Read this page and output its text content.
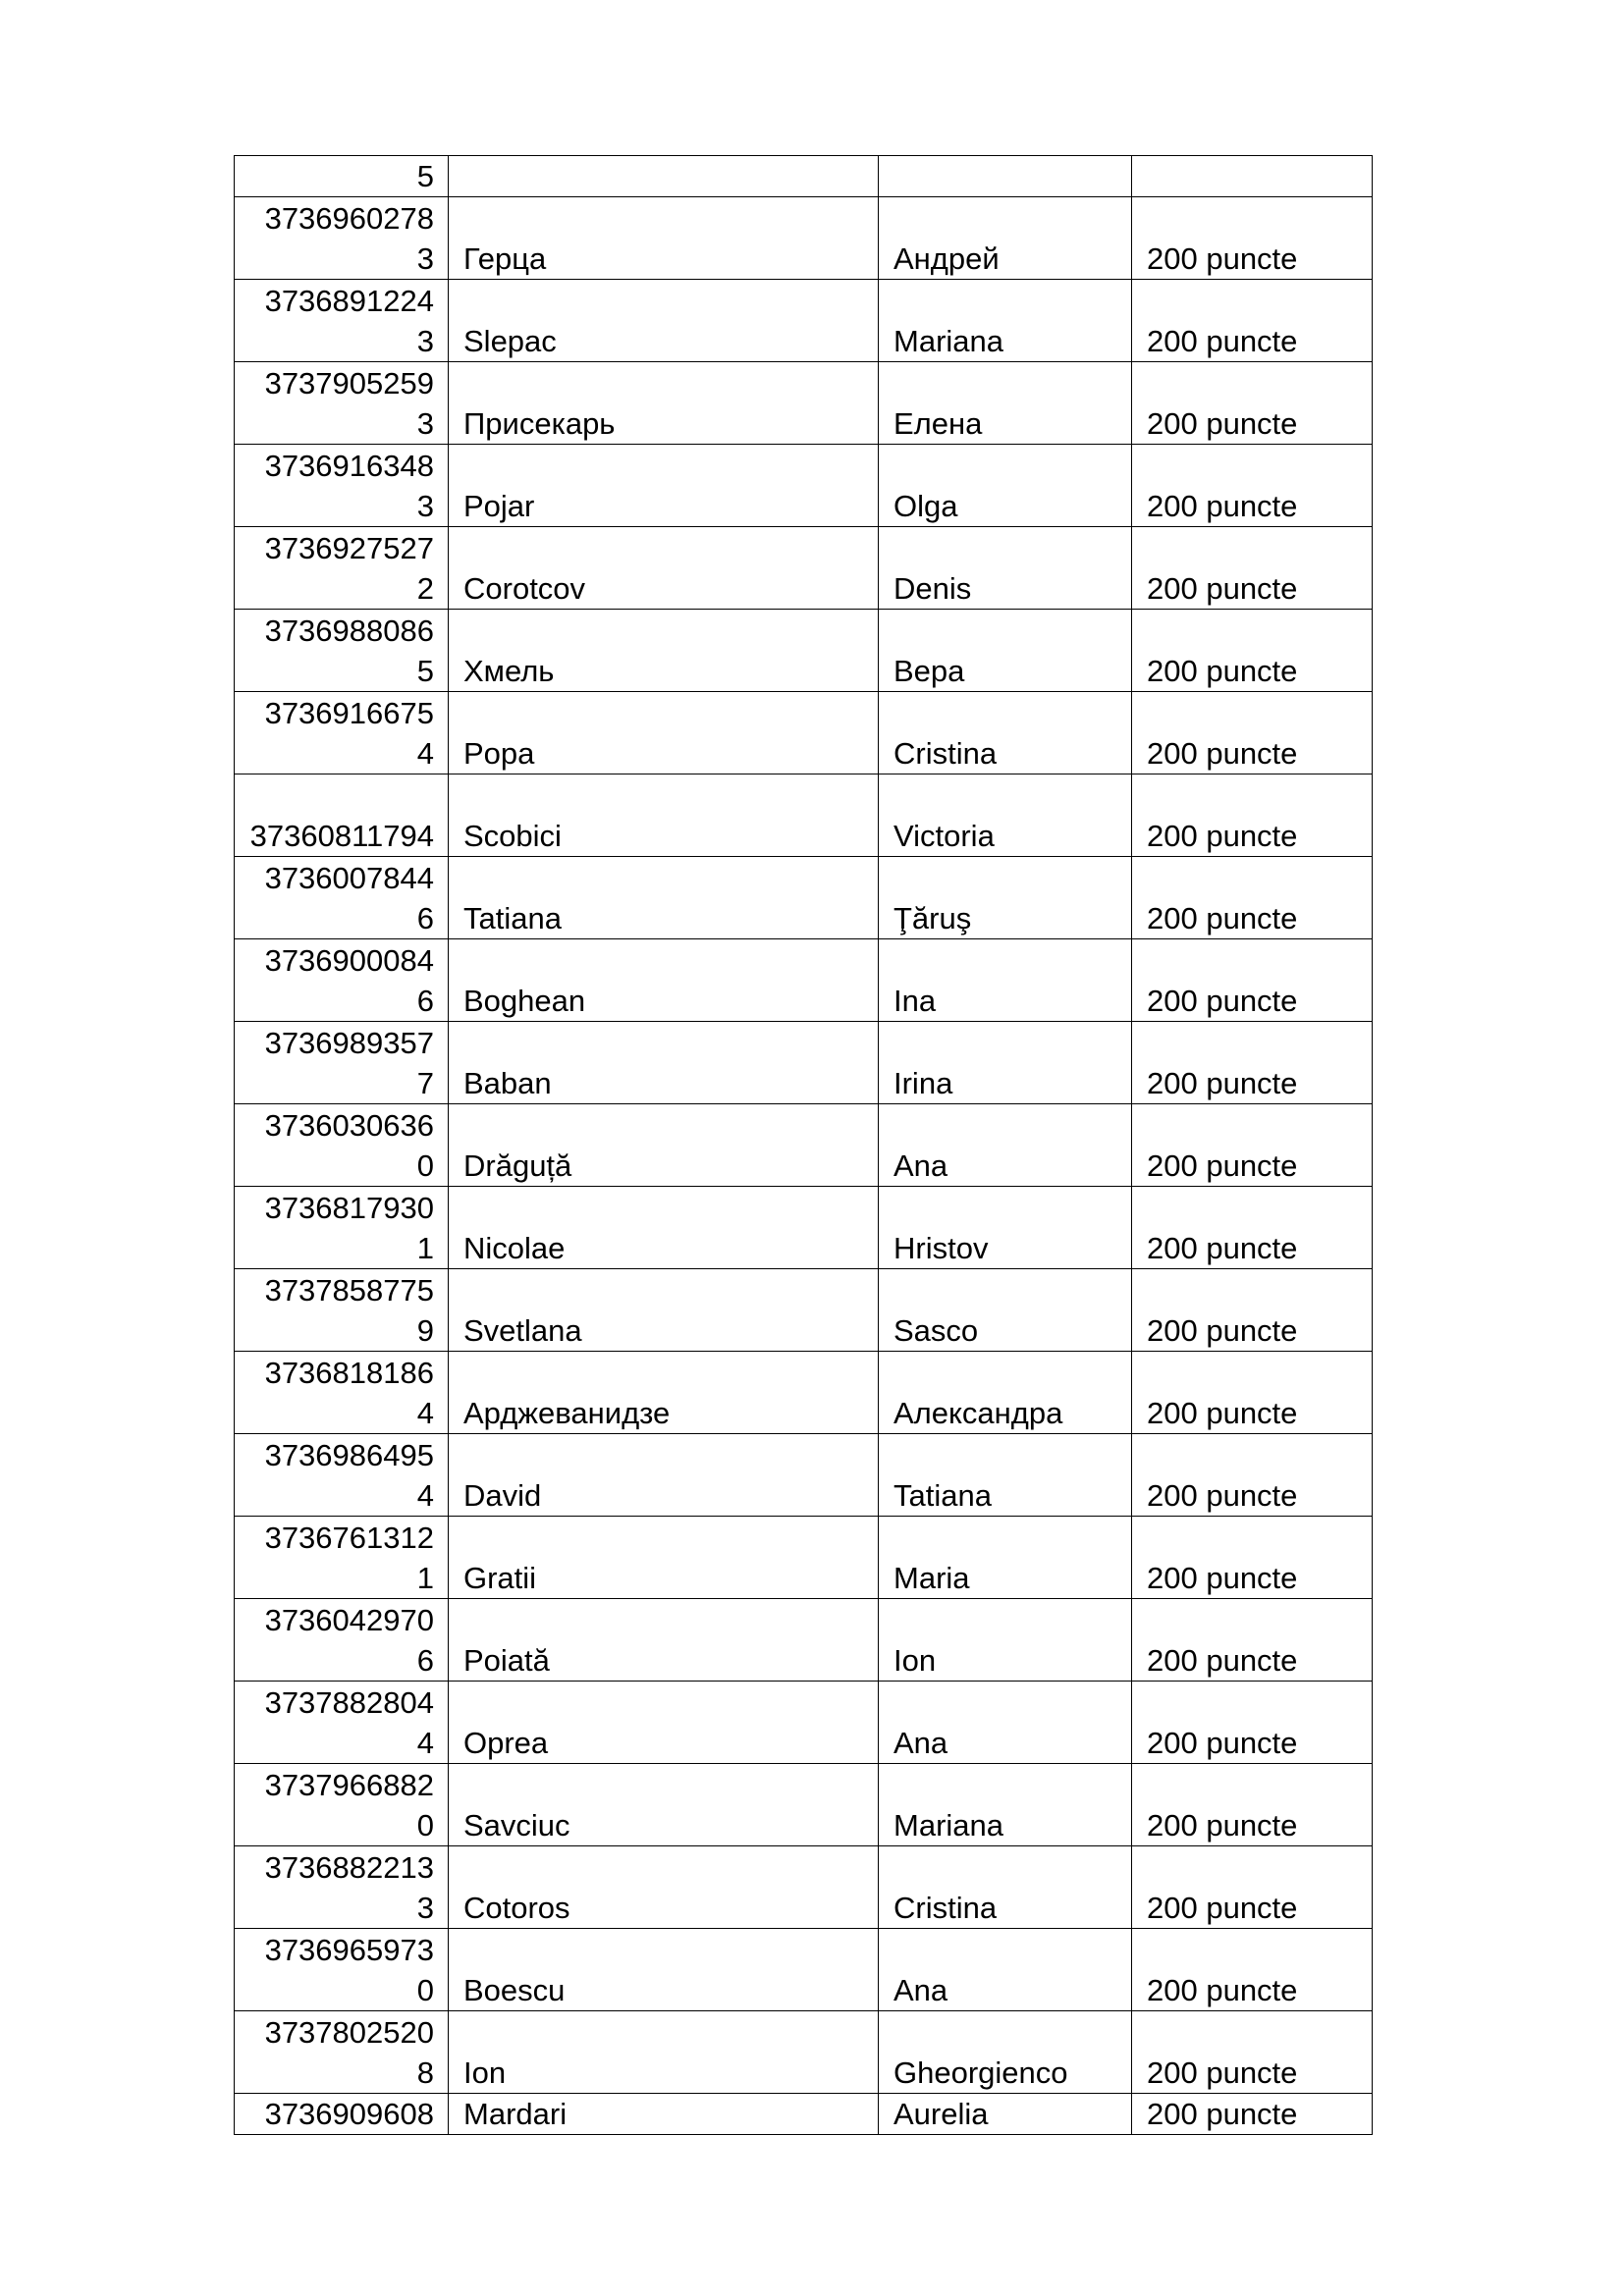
5			
37369602783	Герца	Андрей	200 puncte
37368912243	Slepac	Mariana	200 puncte
37379052593	Присекарь	Елена	200 puncte
37369163483	Pojar	Olga	200 puncte
37369275272	Corotcov	Denis	200 puncte
37369880865	Хмель	Вера	200 puncte
37369166754	Popa	Cristina	200 puncte
37360811794	Scobici	Victoria	200 puncte
37360078446	Tatiana	Ţăruş	200 puncte
37369000846	Boghean	Ina	200 puncte
37369893577	Baban	Irina	200 puncte
37360306360	Drăguță	Ana	200 puncte
37368179301	Nicolae	Hristov	200 puncte
37378587759	Svetlana	Sasco	200 puncte
37368181864	Арджеванидзе	Александра	200 puncte
37369864954	David	Tatiana	200 puncte
37367613121	Gratii	Maria	200 puncte
37360429706	Poiată	Ion	200 puncte
37378828044	Oprea	Ana	200 puncte
37379668820	Savciuc	Mariana	200 puncte
37368822133	Cotoros	Cristina	200 puncte
37369659730	Boescu	Ana	200 puncte
37378025208	Ion	Gheorgienco	200 puncte
3736909608	Mardari	Aurelia	200 puncte
